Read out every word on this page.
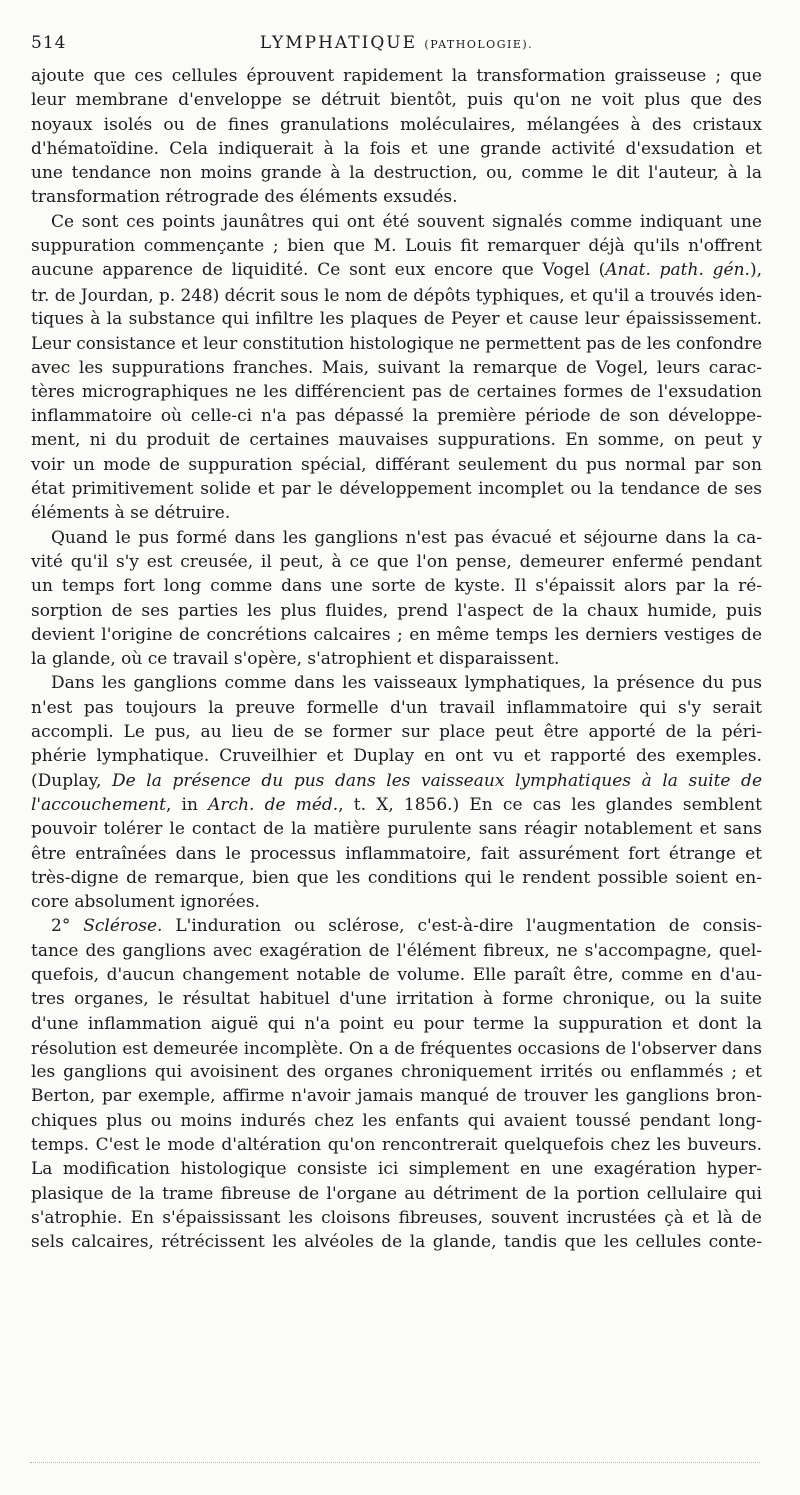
514	LYMPHATIQUE (PATHOLOGIE).
ajoute que ces cellules éprouvent rapidement la transformation graisseuse ; que
leur membrane d'enveloppe se détruit bientôt, puis qu'on ne voit plus que des
noyaux isolés ou de fines granulations moléculaires, mélangées à des cristaux
d'hématoïdine. Cela indiquerait à la fois et une grande activité d'exsudation et
une tendance non moins grande à la destruction, ou, comme le dit l'auteur, à la
transformation rétrograde des éléments exsudés.
Ce sont ces points jaunâtres qui ont été souvent signalés comme indiquant une
suppuration commençante ; bien que M. Louis fit remarquer déjà qu'ils n'offrent
aucune apparence de liquidité. Ce sont eux encore que Vogel (Anat. path. gén.),
tr. de Jourdan, p. 248) décrit sous le nom de dépôts typhiques, et qu'il a trouvés iden-
tiques à la substance qui infiltre les plaques de Peyer et cause leur épaississement.
Leur consistance et leur constitution histologique ne permettent pas de les confondre
avec les suppurations franches. Mais, suivant la remarque de Vogel, leurs carac-
tères micrographiques ne les différencient pas de certaines formes de l'exsudation
inflammatoire où celle-ci n'a pas dépassé la première période de son développe-
ment, ni du produit de certaines mauvaises suppurations. En somme, on peut y
voir un mode de suppuration spécial, différant seulement du pus normal par son
état primitivement solide et par le développement incomplet ou la tendance de ses
éléments à se détruire.
Quand le pus formé dans les ganglions n'est pas évacué et séjourne dans la ca-
vité qu'il s'y est creusée, il peut, à ce que l'on pense, demeurer enfermé pendant
un temps fort long comme dans une sorte de kyste. Il s'épaissit alors par la ré-
sorption de ses parties les plus fluides, prend l'aspect de la chaux humide, puis
devient l'origine de concrétions calcaires ; en même temps les derniers vestiges de
la glande, où ce travail s'opère, s'atrophient et disparaissent.
Dans les ganglions comme dans les vaisseaux lymphatiques, la présence du pus
n'est pas toujours la preuve formelle d'un travail inflammatoire qui s'y serait
accompli. Le pus, au lieu de se former sur place peut être apporté de la péri-
phérie lymphatique. Cruveilhier et Duplay en ont vu et rapporté des exemples.
(Duplay, De la présence du pus dans les vaisseaux lymphatiques à la suite de
l'accouchement, in Arch. de méd., t. X, 1856.) En ce cas les glandes semblent
pouvoir tolérer le contact de la matière purulente sans réagir notablement et sans
être entraînées dans le processus inflammatoire, fait assurément fort étrange et
très-digne de remarque, bien que les conditions qui le rendent possible soient en-
core absolument ignorées.
2° Sclérose. L'induration ou sclérose, c'est-à-dire l'augmentation de consis-
tance des ganglions avec exagération de l'élément fibreux, ne s'accompagne, quel-
quefois, d'aucun changement notable de volume. Elle paraît être, comme en d'au-
tres organes, le résultat habituel d'une irritation à forme chronique, ou la suite
d'une inflammation aiguë qui n'a point eu pour terme la suppuration et dont la
résolution est demeurée incomplète. On a de fréquentes occasions de l'observer dans
les ganglions qui avoisinent des organes chroniquement irrités ou enflammés ; et
Berton, par exemple, affirme n'avoir jamais manqué de trouver les ganglions bron-
chiques plus ou moins indurés chez les enfants qui avaient toussé pendant long-
temps. C'est le mode d'altération qu'on rencontrerait quelquefois chez les buveurs.
La modification histologique consiste ici simplement en une exagération hyper-
plasique de la trame fibreuse de l'organe au détriment de la portion cellulaire qui
s'atrophie. En s'épaississant les cloisons fibreuses, souvent incrustées çà et là de
sels calcaires, rétrécissent les alvéoles de la glande, tandis que les cellules conte-
